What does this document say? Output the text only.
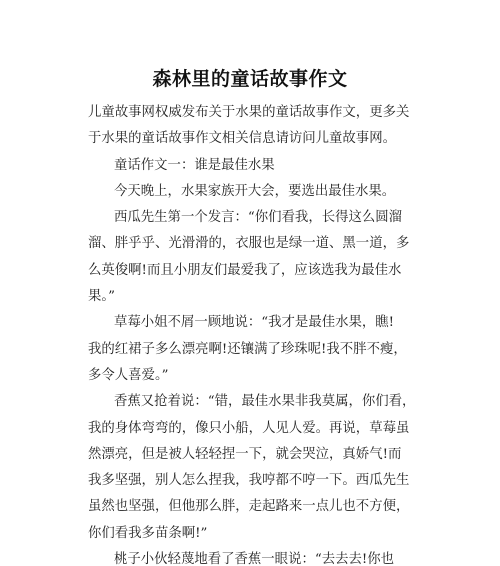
森林里的童话故事作文
儿童故事网权威发布关于水果的童话故事作文，更多关
于水果的童话故事作文相关信息请访问儿童故事网。
童话作文一：谁是最佳水果
今天晚上，水果家族开大会，要选出最佳水果。
西瓜先生第一个发言：“你们看我，长得这么圆溜
溜、胖乎乎、光滑滑的，衣服也是绿一道、黑一道，多
么英俊啊!而且小朋友们最爱我了，应该选我为最佳水
果。”
草莓小姐不屑一顾地说：“我才是最佳水果，瞧!
我的红裙子多么漂亮啊!还镶满了珍珠呢!我不胖不瘦，
多令人喜爱。”
香蕉又抢着说：“错，最佳水果非我莫属，你们看，
我的身体弯弯的，像只小船，人见人爱。再说，草莓虽
然漂亮，但是被人轻轻捏一下，就会哭泣，真娇气!而
我多坚强，别人怎么捏我，我哼都不哼一下。西瓜先生
虽然也坚强，但他那么胖，走起路来一点儿也不方便，
你们看我多苗条啊!”
桃子小伙轻蔑地看了香蕉一眼说：“去去去!你也
